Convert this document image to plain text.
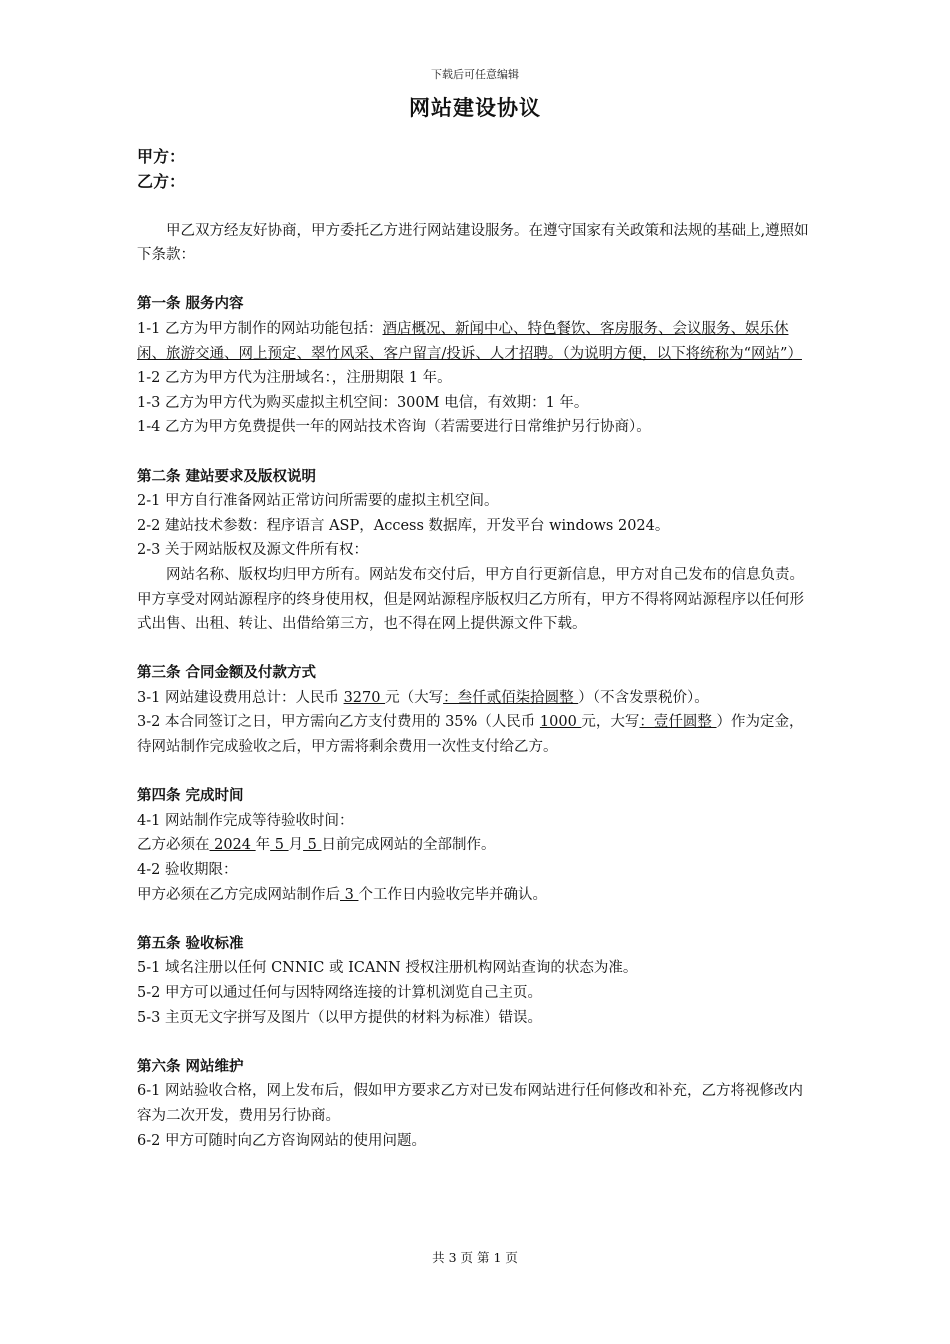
下载后可任意编辑
网站建设协议

甲方：

乙方：

甲乙双方经友好协商，甲方委托乙方进行网站建设服务。在遵守国家有关政策和法规的基础上,遵照如下条款：

第一条 服务内容

1-1 乙方为甲方制作的网站功能包括：酒店概况、新闻中心、特色餐饮、客房服务、会议服务、娱乐休闲、旅游交通、网上预定、翠竹风采、客户留言/投诉、人才招聘。（为说明方便，以下将统称为“网站”）

1-2 乙方为甲方代为注册域名：，注册期限 1 年。

1-3 乙方为甲方代为购买虚拟主机空间：300M 电信，有效期：1 年。

1-4 乙方为甲方免费提供一年的网站技术咨询（若需要进行日常维护另行协商）。

第二条 建站要求及版权说明

2-1 甲方自行准备网站正常访问所需要的虚拟主机空间。

2-2 建站技术参数：程序语言 ASP，Access 数据库，开发平台 windows 2024。

2-3 关于网站版权及源文件所有权：

网站名称、版权均归甲方所有。网站发布交付后，甲方自行更新信息，甲方对自己发布的信息负责。甲方享受对网站源程序的终身使用权，但是网站源程序版权归乙方所有，甲方不得将网站源程序以任何形式出售、出租、转让、出借给第三方，也不得在网上提供源文件下载。

第三条 合同金额及付款方式

3-1 网站建设费用总计：人民币 3270 元（大写：叁仟贰佰柒拾圆整 ）（不含发票税价）。

3-2 本合同签订之日，甲方需向乙方支付费用的 35%（人民币 1000 元，大写：壹仟圆整 ）作为定金，待网站制作完成验收之后，甲方需将剩余费用一次性支付给乙方。

第四条 完成时间

4-1 网站制作完成等待验收时间：

乙方必须在 2024 年 5 月 5 日前完成网站的全部制作。

4-2 验收期限：

甲方必须在乙方完成网站制作后 3 个工作日内验收完毕并确认。

第五条 验收标准

5-1 域名注册以任何 CNNIC 或 ICANN 授权注册机构网站查询的状态为准。

5-2 甲方可以通过任何与因特网络连接的计算机浏览自己主页。

5-3 主页无文字拼写及图片（以甲方提供的材料为标准）错误。

第六条 网站维护

6-1 网站验收合格，网上发布后，假如甲方要求乙方对已发布网站进行任何修改和补充，乙方将视修改内容为二次开发，费用另行协商。

6-2 甲方可随时向乙方咨询网站的使用问题。

共 3 页 第 1 页
